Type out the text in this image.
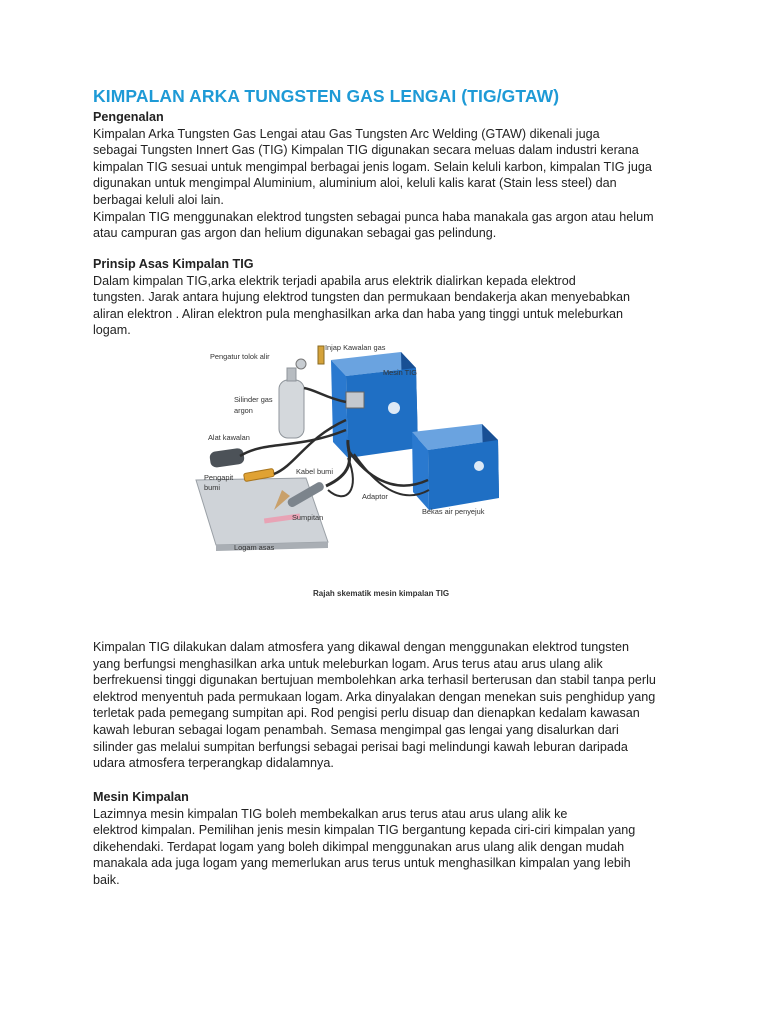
KIMPALAN ARKA TUNGSTEN GAS LENGAI (TIG/GTAW)

Pengenalan

Kimpalan Arka Tungsten Gas Lengai atau Gas Tungsten Arc Welding (GTAW) dikenali juga

sebagai Tungsten Innert Gas (TIG) Kimpalan TIG digunakan secara meluas dalam industri kerana

kimpalan TIG sesuai untuk mengimpal berbagai jenis logam. Selain keluli karbon, kimpalan TIG juga

digunakan untuk mengimpal Aluminium, aluminium aloi, keluli kalis karat (Stain less steel) dan

berbagai keluli aloi lain.

Kimpalan TIG menggunakan elektrod tungsten sebagai punca haba manakala gas argon atau helum

atau campuran gas argon dan helium digunakan sebagai gas pelindung.

Prinsip Asas Kimpalan TIG

Dalam kimpalan TIG,arka elektrik terjadi apabila arus elektrik dialirkan kepada elektrod

tungsten. Jarak antara hujung elektrod tungsten dan permukaan bendakerja akan menyebabkan

aliran elektron . Aliran elektron pula menghasilkan arka dan haba yang tinggi untuk meleburkan

logam.

Pengatur tolok alir
Injap Kawalan gas
Mesin TIG
Silinder gas
argon
Alat kawalan
Kabel bumi
Pengapit
bumi
Adaptor
Bekas air penyejuk
Sumpitan
Logam asas
Rajah skematik mesin kimpalan TIG

Kimpalan TIG dilakukan dalam atmosfera yang dikawal dengan menggunakan elektrod tungsten

yang berfungsi menghasilkan arka untuk meleburkan logam. Arus terus atau arus ulang alik

berfrekuensi tinggi digunakan bertujuan membolehkan arka terhasil berterusan dan stabil tanpa perlu

elektrod menyentuh pada permukaan logam. Arka dinyalakan dengan menekan suis penghidup yang

terletak pada pemegang sumpitan api. Rod pengisi perlu disuap dan dienapkan kedalam kawasan

kawah leburan sebagai logam penambah. Semasa mengimpal gas lengai yang disalurkan dari

silinder gas melalui sumpitan berfungsi sebagai perisai bagi melindungi kawah leburan daripada

udara atmosfera terperangkap didalamnya.

Mesin Kimpalan

Lazimnya mesin kimpalan TIG boleh membekalkan arus terus atau arus ulang alik ke

elektrod kimpalan. Pemilihan jenis mesin kimpalan TIG bergantung kepada ciri-ciri kimpalan yang

dikehendaki. Terdapat logam yang boleh dikimpal menggunakan arus ulang alik dengan mudah

manakala ada juga logam yang memerlukan arus terus untuk menghasilkan kimpalan yang lebih

baik.
